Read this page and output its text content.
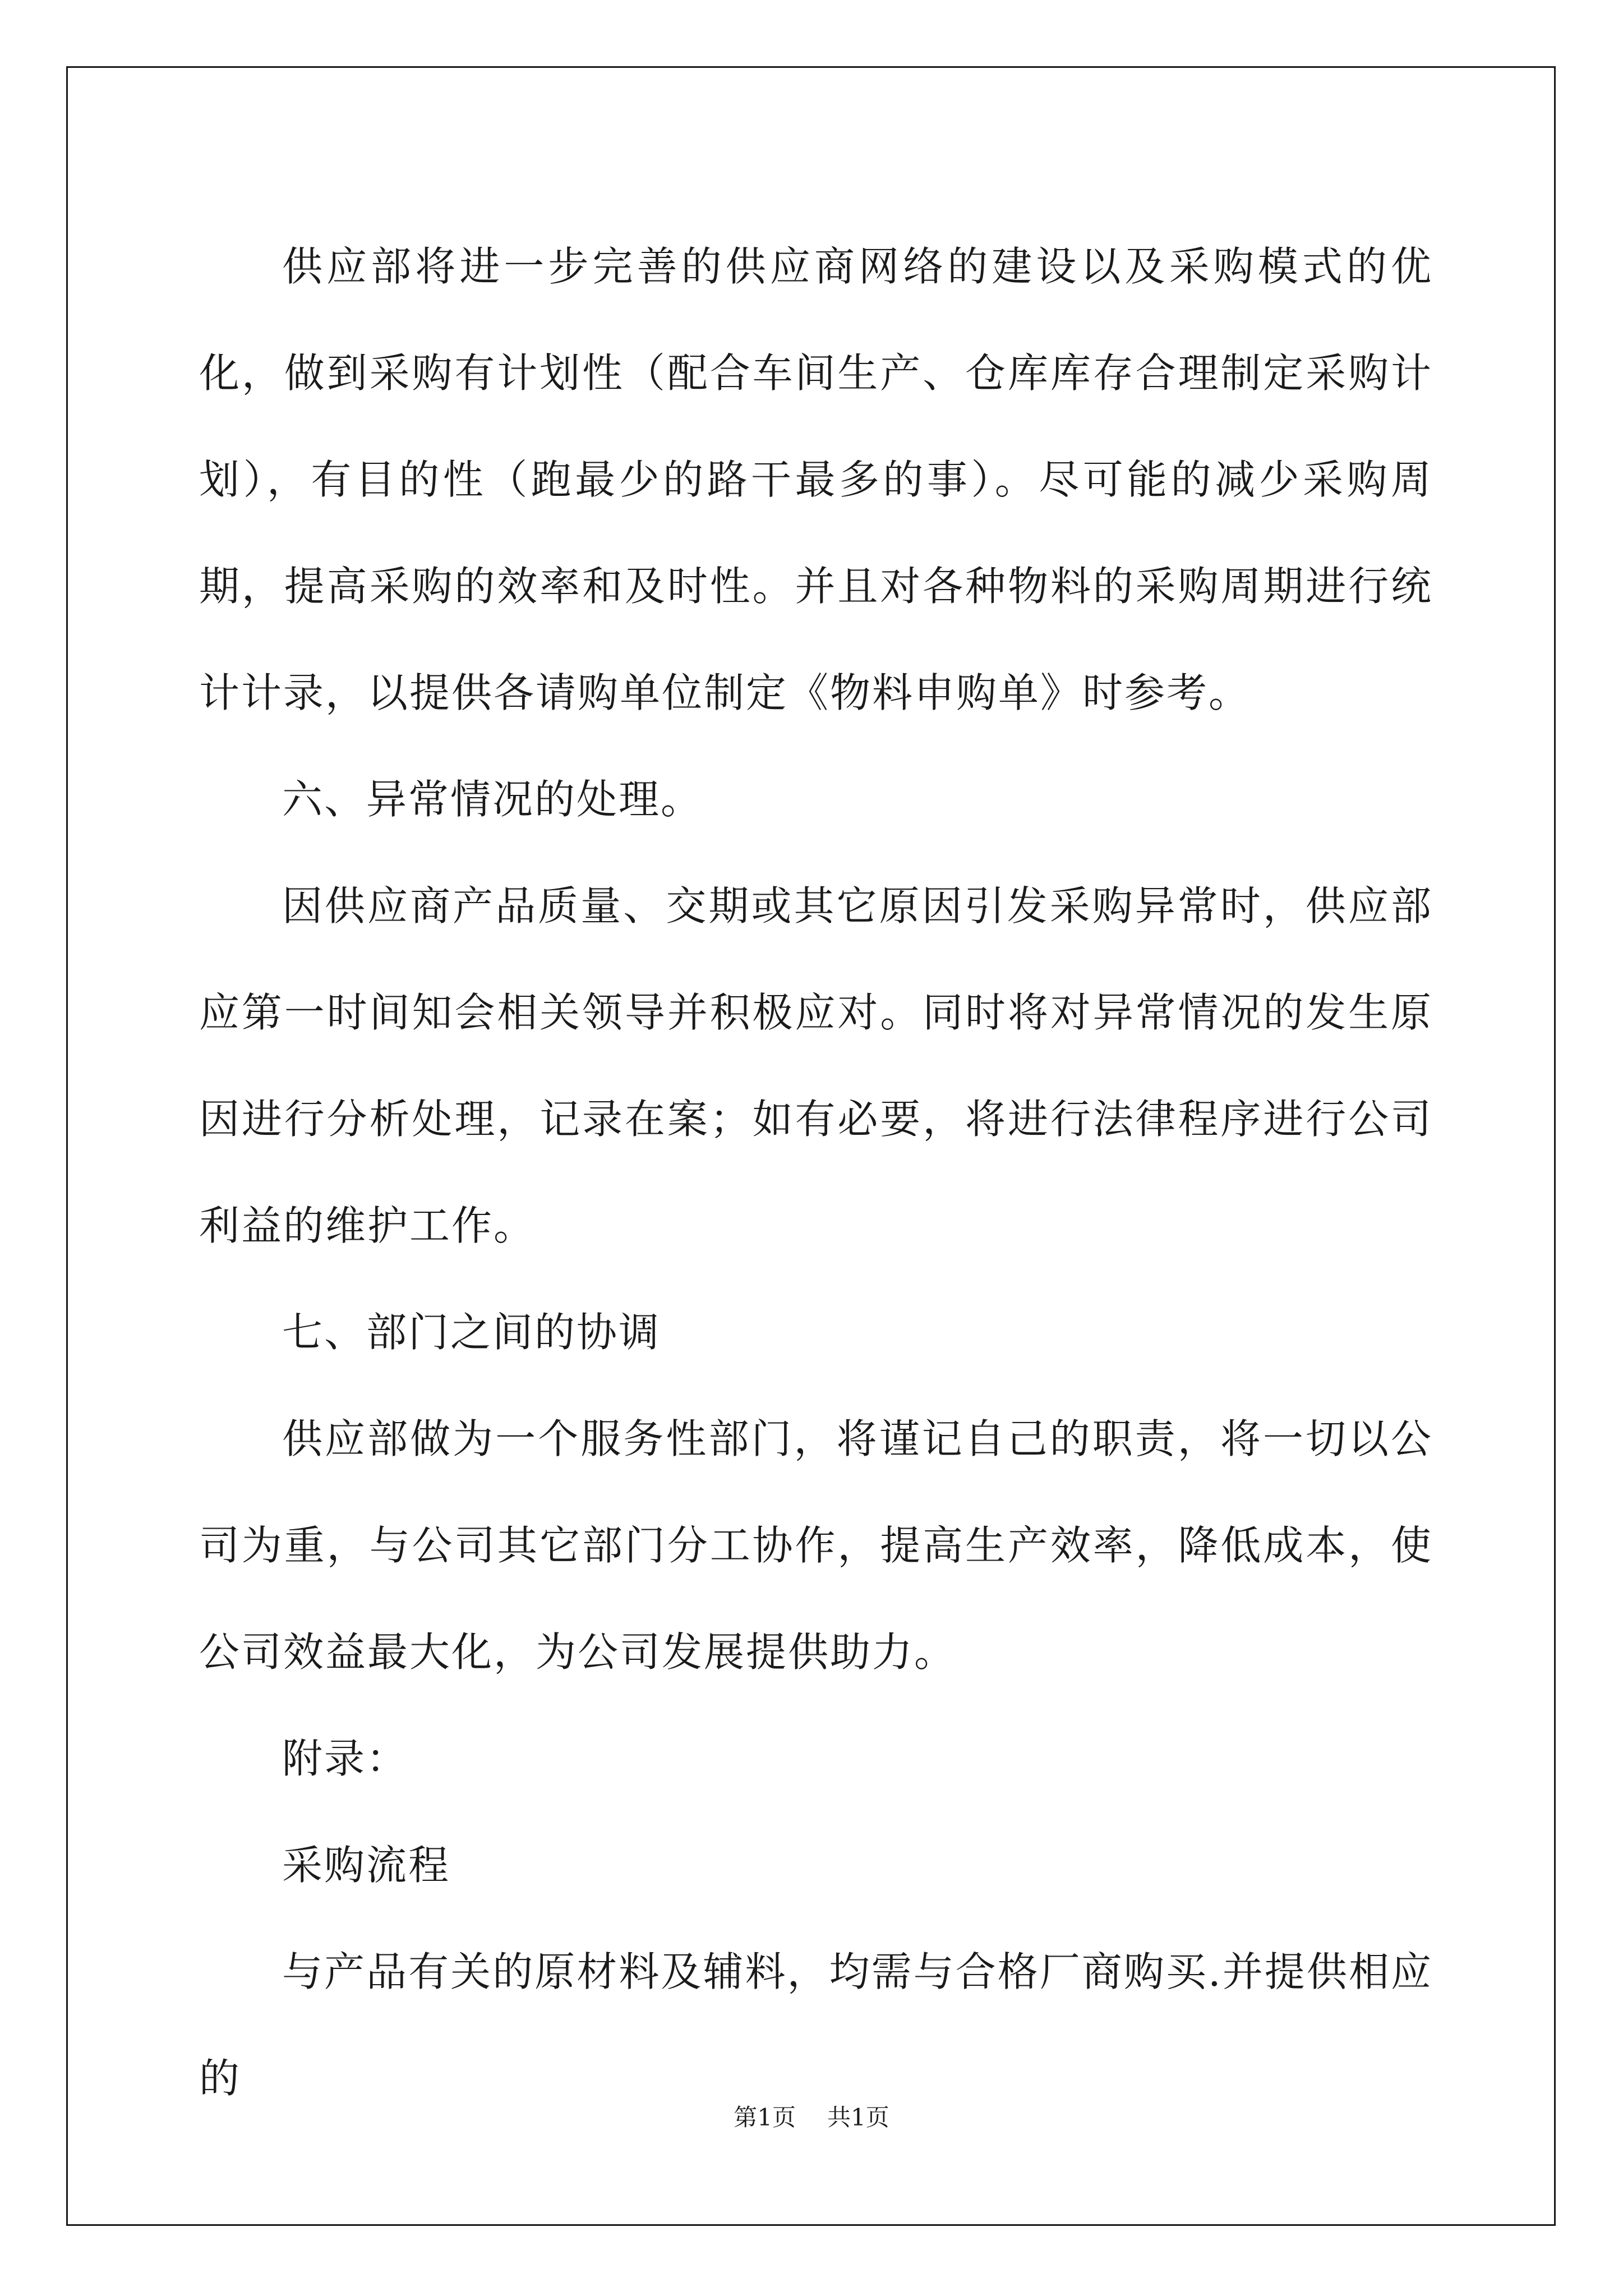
供应部将进一步完善的供应商网络的建设以及采购模式的优化，做到采购有计划性（配合车间生产、仓库库存合理制定采购计划），有目的性（跑最少的路干最多的事）。尽可能的减少采购周期，提高采购的效率和及时性。并且对各种物料的采购周期进行统计计录，以提供各请购单位制定《物料申购单》时参考。

六、异常情况的处理。

因供应商产品质量、交期或其它原因引发采购异常时，供应部应第一时间知会相关领导并积极应对。同时将对异常情况的发生原因进行分析处理，记录在案；如有必要，将进行法律程序进行公司利益的维护工作。

七、部门之间的协调

供应部做为一个服务性部门，将谨记自己的职责，将一切以公司为重，与公司其它部门分工协作，提高生产效率，降低成本，使公司效益最大化，为公司发展提供助力。

附录：

采购流程

与产品有关的原材料及辅料，均需与合格厂商购买.并提供相应的

第1页 共1页
